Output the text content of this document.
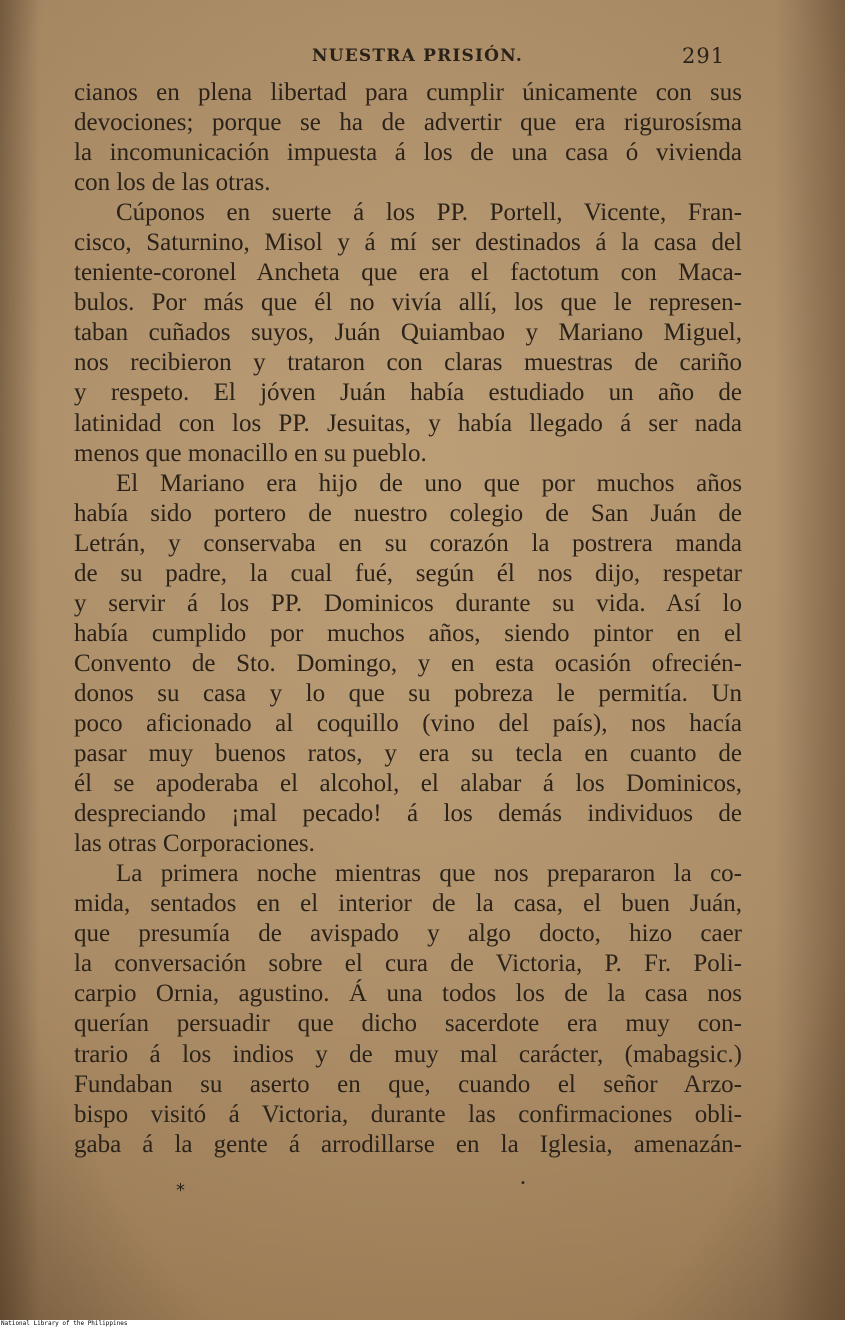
NUESTRA PRISIÓN.	291
cianos en plena libertad para cumplir únicamente con sus
devociones; porque se ha de advertir que era rigurosísma
la incomunicación impuesta á los de una casa ó vivienda
con los de las otras.
Cúponos en suerte á los PP. Portell, Vicente, Fran-
cisco, Saturnino, Misol y á mí ser destinados á la casa del
teniente-coronel Ancheta que era el factotum con Maca-
bulos. Por más que él no vivía allí, los que le represen-
taban cuñados suyos, Juán Quiambao y Mariano Miguel,
nos recibieron y trataron con claras muestras de cariño
y respeto. El jóven Juán había estudiado un año de
latinidad con los PP. Jesuitas, y había llegado á ser nada
menos que monacillo en su pueblo.
El Mariano era hijo de uno que por muchos años
había sido portero de nuestro colegio de San Juán de
Letrán, y conservaba en su corazón la postrera manda
de su padre, la cual fué, según él nos dijo, respetar
y servir á los PP. Dominicos durante su vida. Así lo
había cumplido por muchos años, siendo pintor en el
Convento de Sto. Domingo, y en esta ocasión ofrecién-
donos su casa y lo que su pobreza le permitía. Un
poco aficionado al coquillo (vino del país), nos hacía
pasar muy buenos ratos, y era su tecla en cuanto de
él se apoderaba el alcohol, el alabar á los Dominicos,
despreciando ¡mal pecado! á los demás individuos de
las otras Corporaciones.
La primera noche mientras que nos prepararon la co-
mida, sentados en el interior de la casa, el buen Juán,
que presumía de avispado y algo docto, hizo caer
la conversación sobre el cura de Victoria, P. Fr. Poli-
carpio Ornia, agustino. Á una todos los de la casa nos
querían persuadir que dicho sacerdote era muy con-
trario á los indios y de muy mal carácter, (mabagsic.)
Fundaban su aserto en que, cuando el señor Arzo-
bispo visitó á Victoria, durante las confirmaciones obli-
gaba á la gente á arrodillarse en la Iglesia, amenazán-
*	•
National Library of the Philippines
